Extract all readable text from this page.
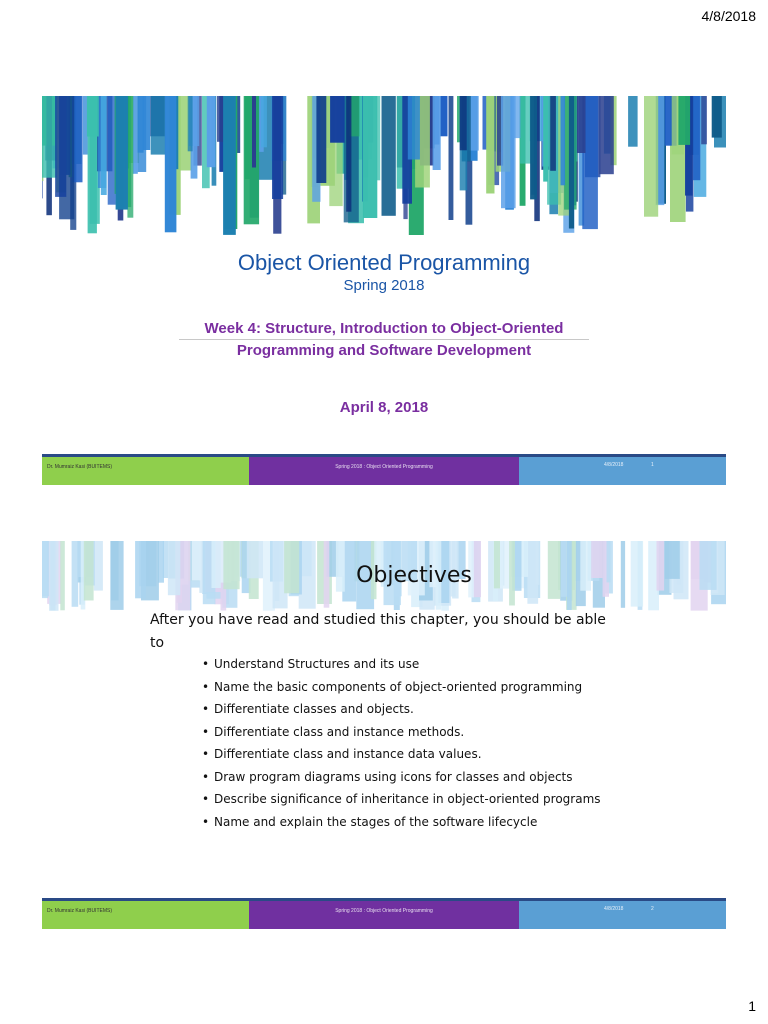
4/8/2018
Object Oriented Programming
Spring 2018
Week 4: Structure, Introduction to Object-Oriented
Programming and Software Development
April 8, 2018
Dr. Mumraiz Kasi (BUITEMS)	Spring 2018 : Object Oriented Programming	4/8/2018	1
Objectives
After you have read and studied this chapter, you should be able to
• Understand Structures and its use
• Name the basic components of object-oriented programming
• Differentiate classes and objects.
• Differentiate class and instance methods.
• Differentiate class and instance data values.
• Draw program diagrams using icons for classes and objects
• Describe significance of inheritance in object-oriented programs
• Name and explain the stages of the software lifecycle
Dr. Mumraiz Kasi (BUITEMS)	Spring 2018 : Object Oriented Programming	4/8/2018	2
1
